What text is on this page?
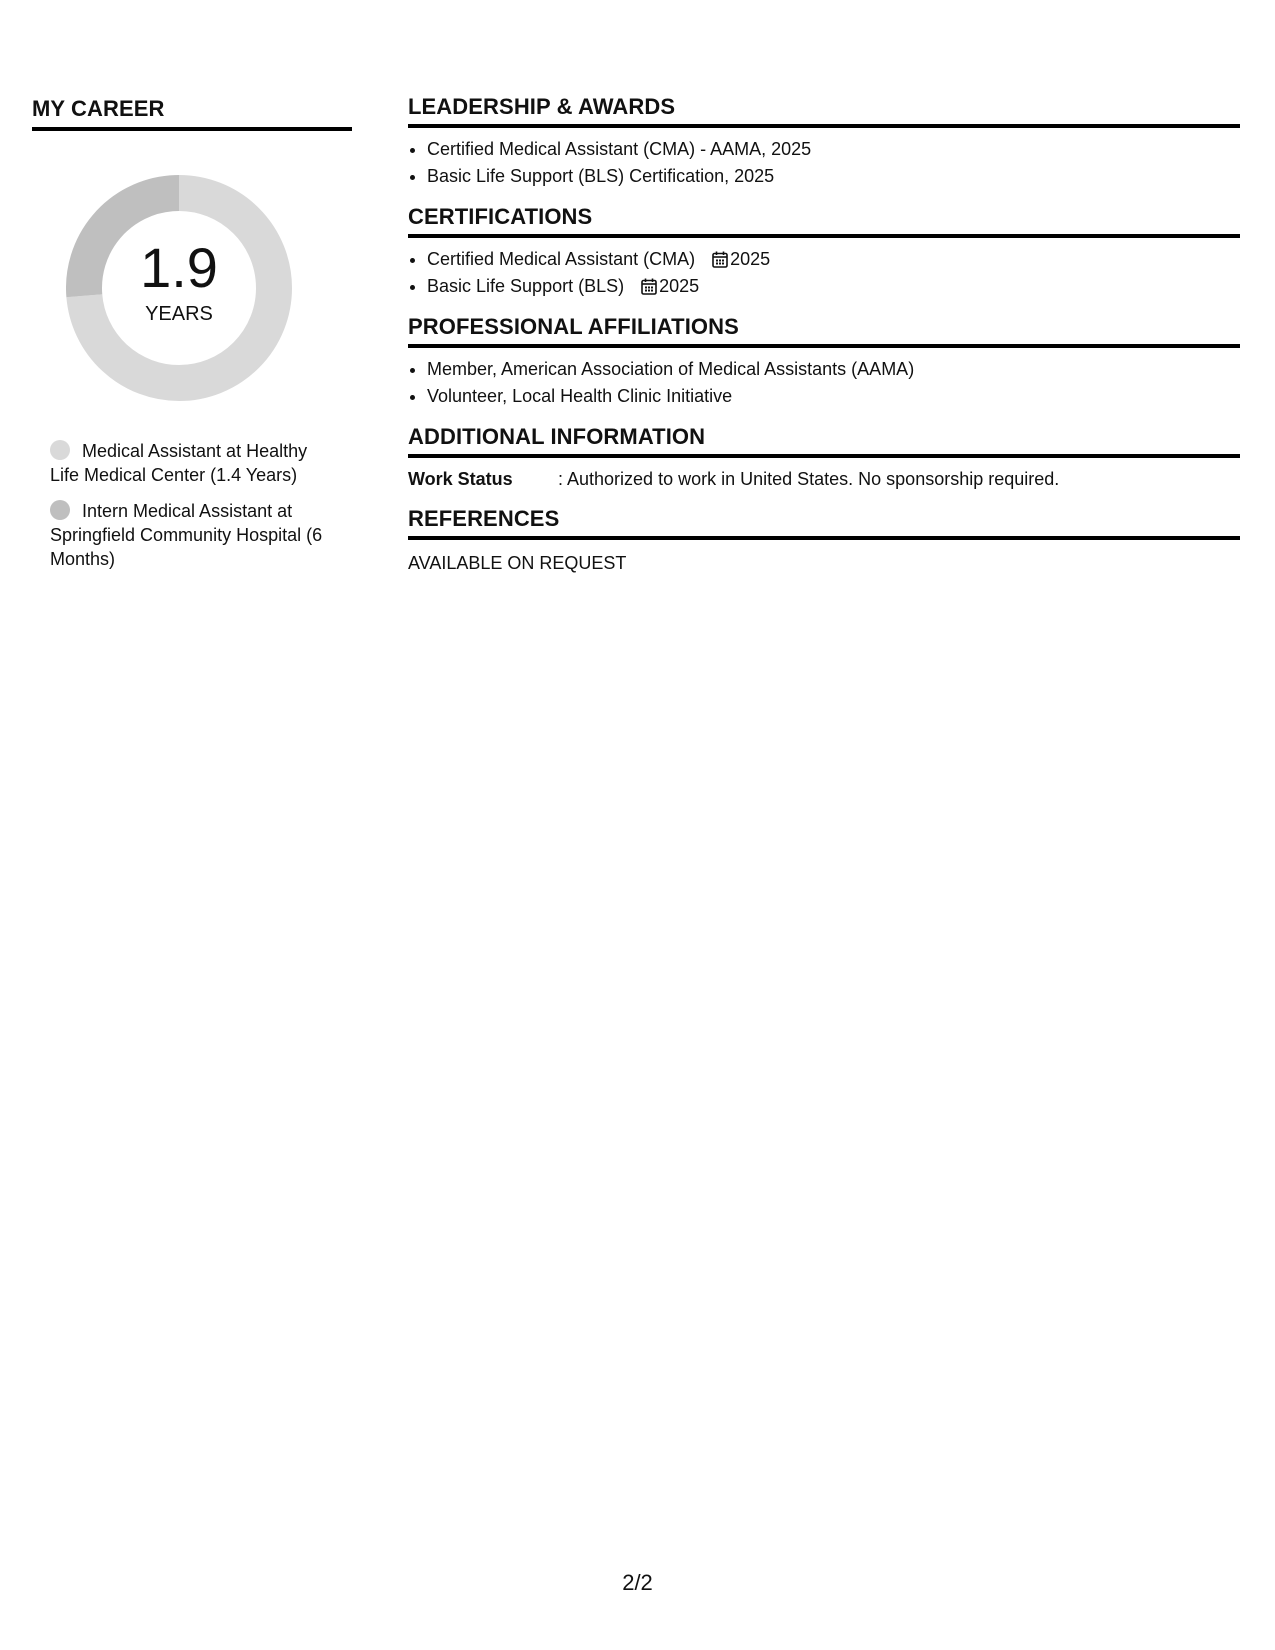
MY CAREER
1.9
YEARS
Medical Assistant at Healthy Life Medical Center (1.4 Years)
Intern Medical Assistant at Springfield Community Hospital (6 Months)
LEADERSHIP & AWARDS
• Certified Medical Assistant (CMA) - AAMA, 2025
• Basic Life Support (BLS) Certification, 2025
CERTIFICATIONS
• Certified Medical Assistant (CMA) 2025
• Basic Life Support (BLS) 2025
PROFESSIONAL AFFILIATIONS
• Member, American Association of Medical Assistants (AAMA)
• Volunteer, Local Health Clinic Initiative
ADDITIONAL INFORMATION
Work Status	: Authorized to work in United States. No sponsorship required.
REFERENCES
AVAILABLE ON REQUEST
2/2
